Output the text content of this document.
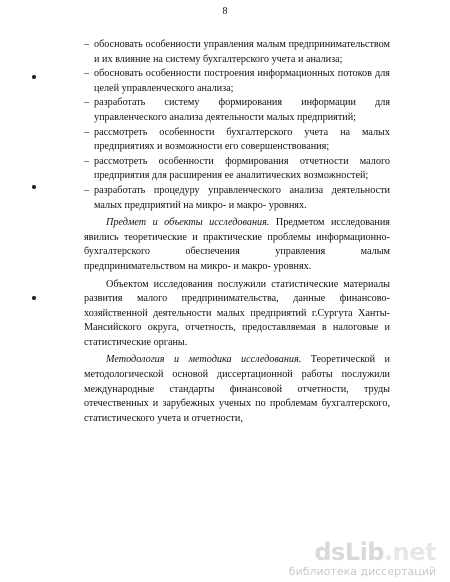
8
– обосновать особенности управления малым предпринимательством и их влияние на систему бухгалтерского учета и анализа;
– обосновать особенности построения информационных потоков для целей управленческого анализа;
– разработать систему формирования информации для управленческого анализа деятельности малых предприятий;
– рассмотреть особенности бухгалтерского учета на малых предприятиях и возможности его совершенствования;
– рассмотреть особенности формирования отчетности малого предприятия для расширения ее аналитических возможностей;
– разработать процедуру управленческого анализа деятельности малых предприятий на микро- и макро- уровнях.

Предмет и объекты исследования. Предметом исследования явились теоретические и практические проблемы информационно-бухгалтерского обеспечения управления малым предпринимательством на микро- и макро- уровнях.

Объектом исследования послужили статистические материалы развития малого предпринимательства, данные финансово-хозяйственной деятельности малых предприятий г.Сургута Ханты-Мансийского округа, отчетность, предоставляемая в налоговые и статистические органы.

Методология и методика исследования. Теоретической и методологической основой диссертационной работы послужили международные стандарты финансовой отчетности, труды отечественных и зарубежных ученых по проблемам бухгалтерского, статистического учета и отчетности,

dsLib.net
библиотека диссертаций
